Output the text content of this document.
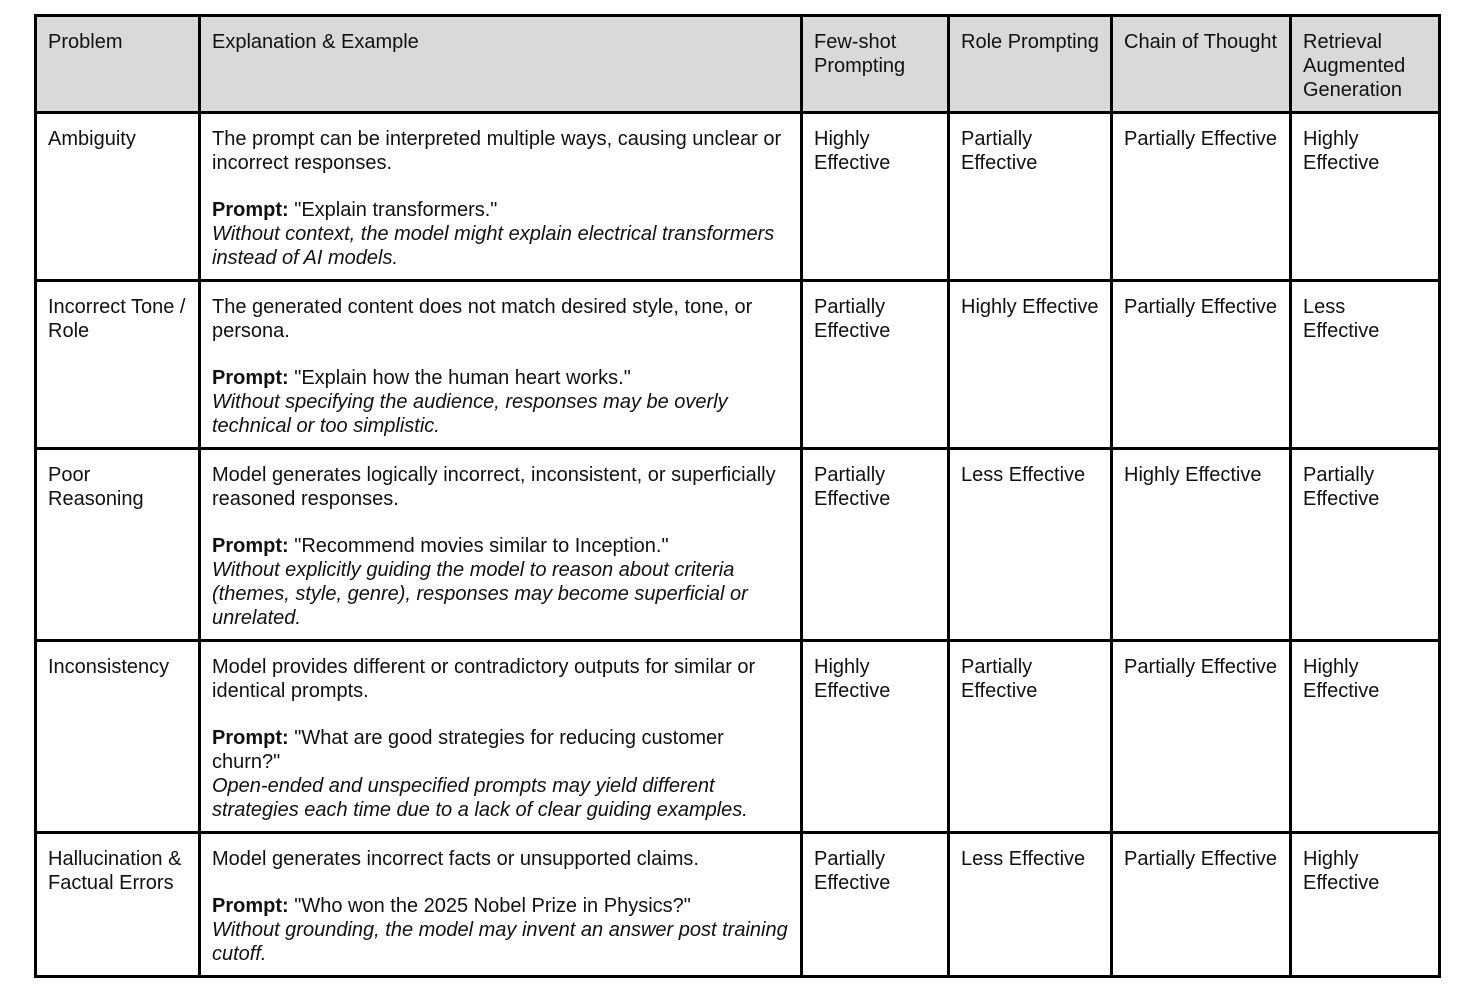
Problem	Explanation & Example	Few-shot Prompting	Role Prompting	Chain of Thought	Retrieval Augmented Generation
Ambiguity	The prompt can be interpreted multiple ways, causing unclear or incorrect responses.

Prompt: "Explain transformers."

Without context, the model might explain electrical transformers instead of AI models.	Highly Effective	Partially Effective	Partially Effective	Highly Effective
Incorrect Tone / Role	The generated content does not match desired style, tone, or persona.

Prompt: "Explain how the human heart works."

Without specifying the audience, responses may be overly technical or too simplistic.	Partially Effective	Highly Effective	Partially Effective	Less Effective
Poor Reasoning	Model generates logically incorrect, inconsistent, or superficially reasoned responses.

Prompt: "Recommend movies similar to Inception."

Without explicitly guiding the model to reason about criteria (themes, style, genre), responses may become superficial or unrelated.	Partially Effective	Less Effective	Highly Effective	Partially Effective
Inconsistency	Model provides different or contradictory outputs for similar or identical prompts.

Prompt: "What are good strategies for reducing customer churn?"

Open-ended and unspecified prompts may yield different strategies each time due to a lack of clear guiding examples.	Highly Effective	Partially Effective	Partially Effective	Highly Effective
Hallucination & Factual Errors	Model generates incorrect facts or unsupported claims.

Prompt: "Who won the 2025 Nobel Prize in Physics?"

Without grounding, the model may invent an answer post training cutoff.	Partially Effective	Less Effective	Partially Effective	Highly Effective
